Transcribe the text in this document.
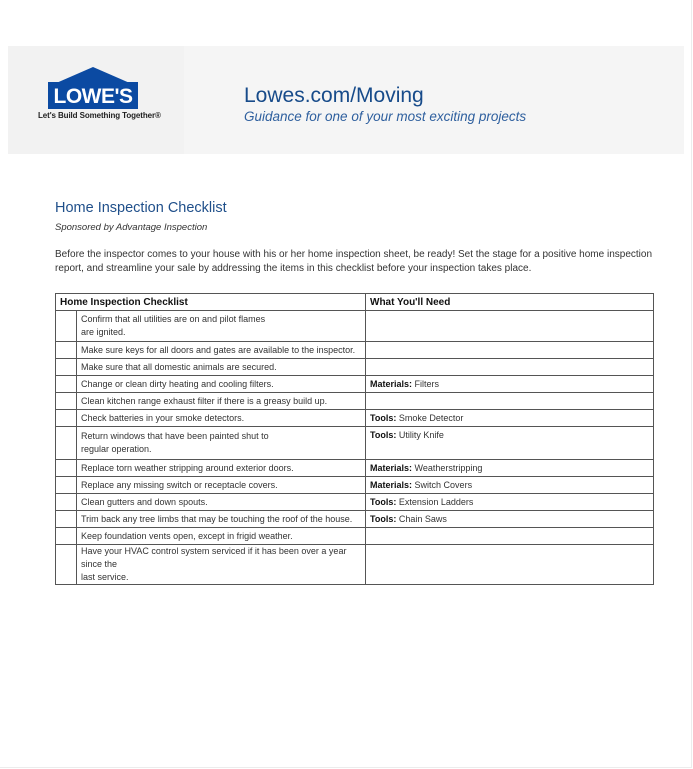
LOWE'S
Let's Build Something Together®
Lowes.com/Moving
Guidance for one of your most exciting projects
Home Inspection Checklist
Sponsored by Advantage Inspection
Before the inspector comes to your house with his or her home inspection sheet, be ready! Set the stage for a positive home inspection report, and streamline your sale by addressing the items in this checklist before your inspection takes place.
Home Inspection Checklist		What You'll Need
	Confirm that all utilities are on and pilot flames
are ignited.	
	Make sure keys for all doors and gates are available to the inspector.	
	Make sure that all domestic animals are secured.	
	Change or clean dirty heating and cooling filters.	Materials: Filters
	Clean kitchen range exhaust filter if there is a greasy build up.	
	Check batteries in your smoke detectors.	Tools: Smoke Detector
	Return windows that have been painted shut to
regular operation.	Tools: Utility Knife
	Replace torn weather stripping around exterior doors.	Materials: Weatherstripping
	Replace any missing switch or receptacle covers.	Materials: Switch Covers
	Clean gutters and down spouts.	Tools: Extension Ladders
	Trim back any tree limbs that may be touching the roof of the house.	Tools: Chain Saws
	Keep foundation vents open, except in frigid weather.	
	Have your HVAC control system serviced if it has been over a year since the
last service.	
